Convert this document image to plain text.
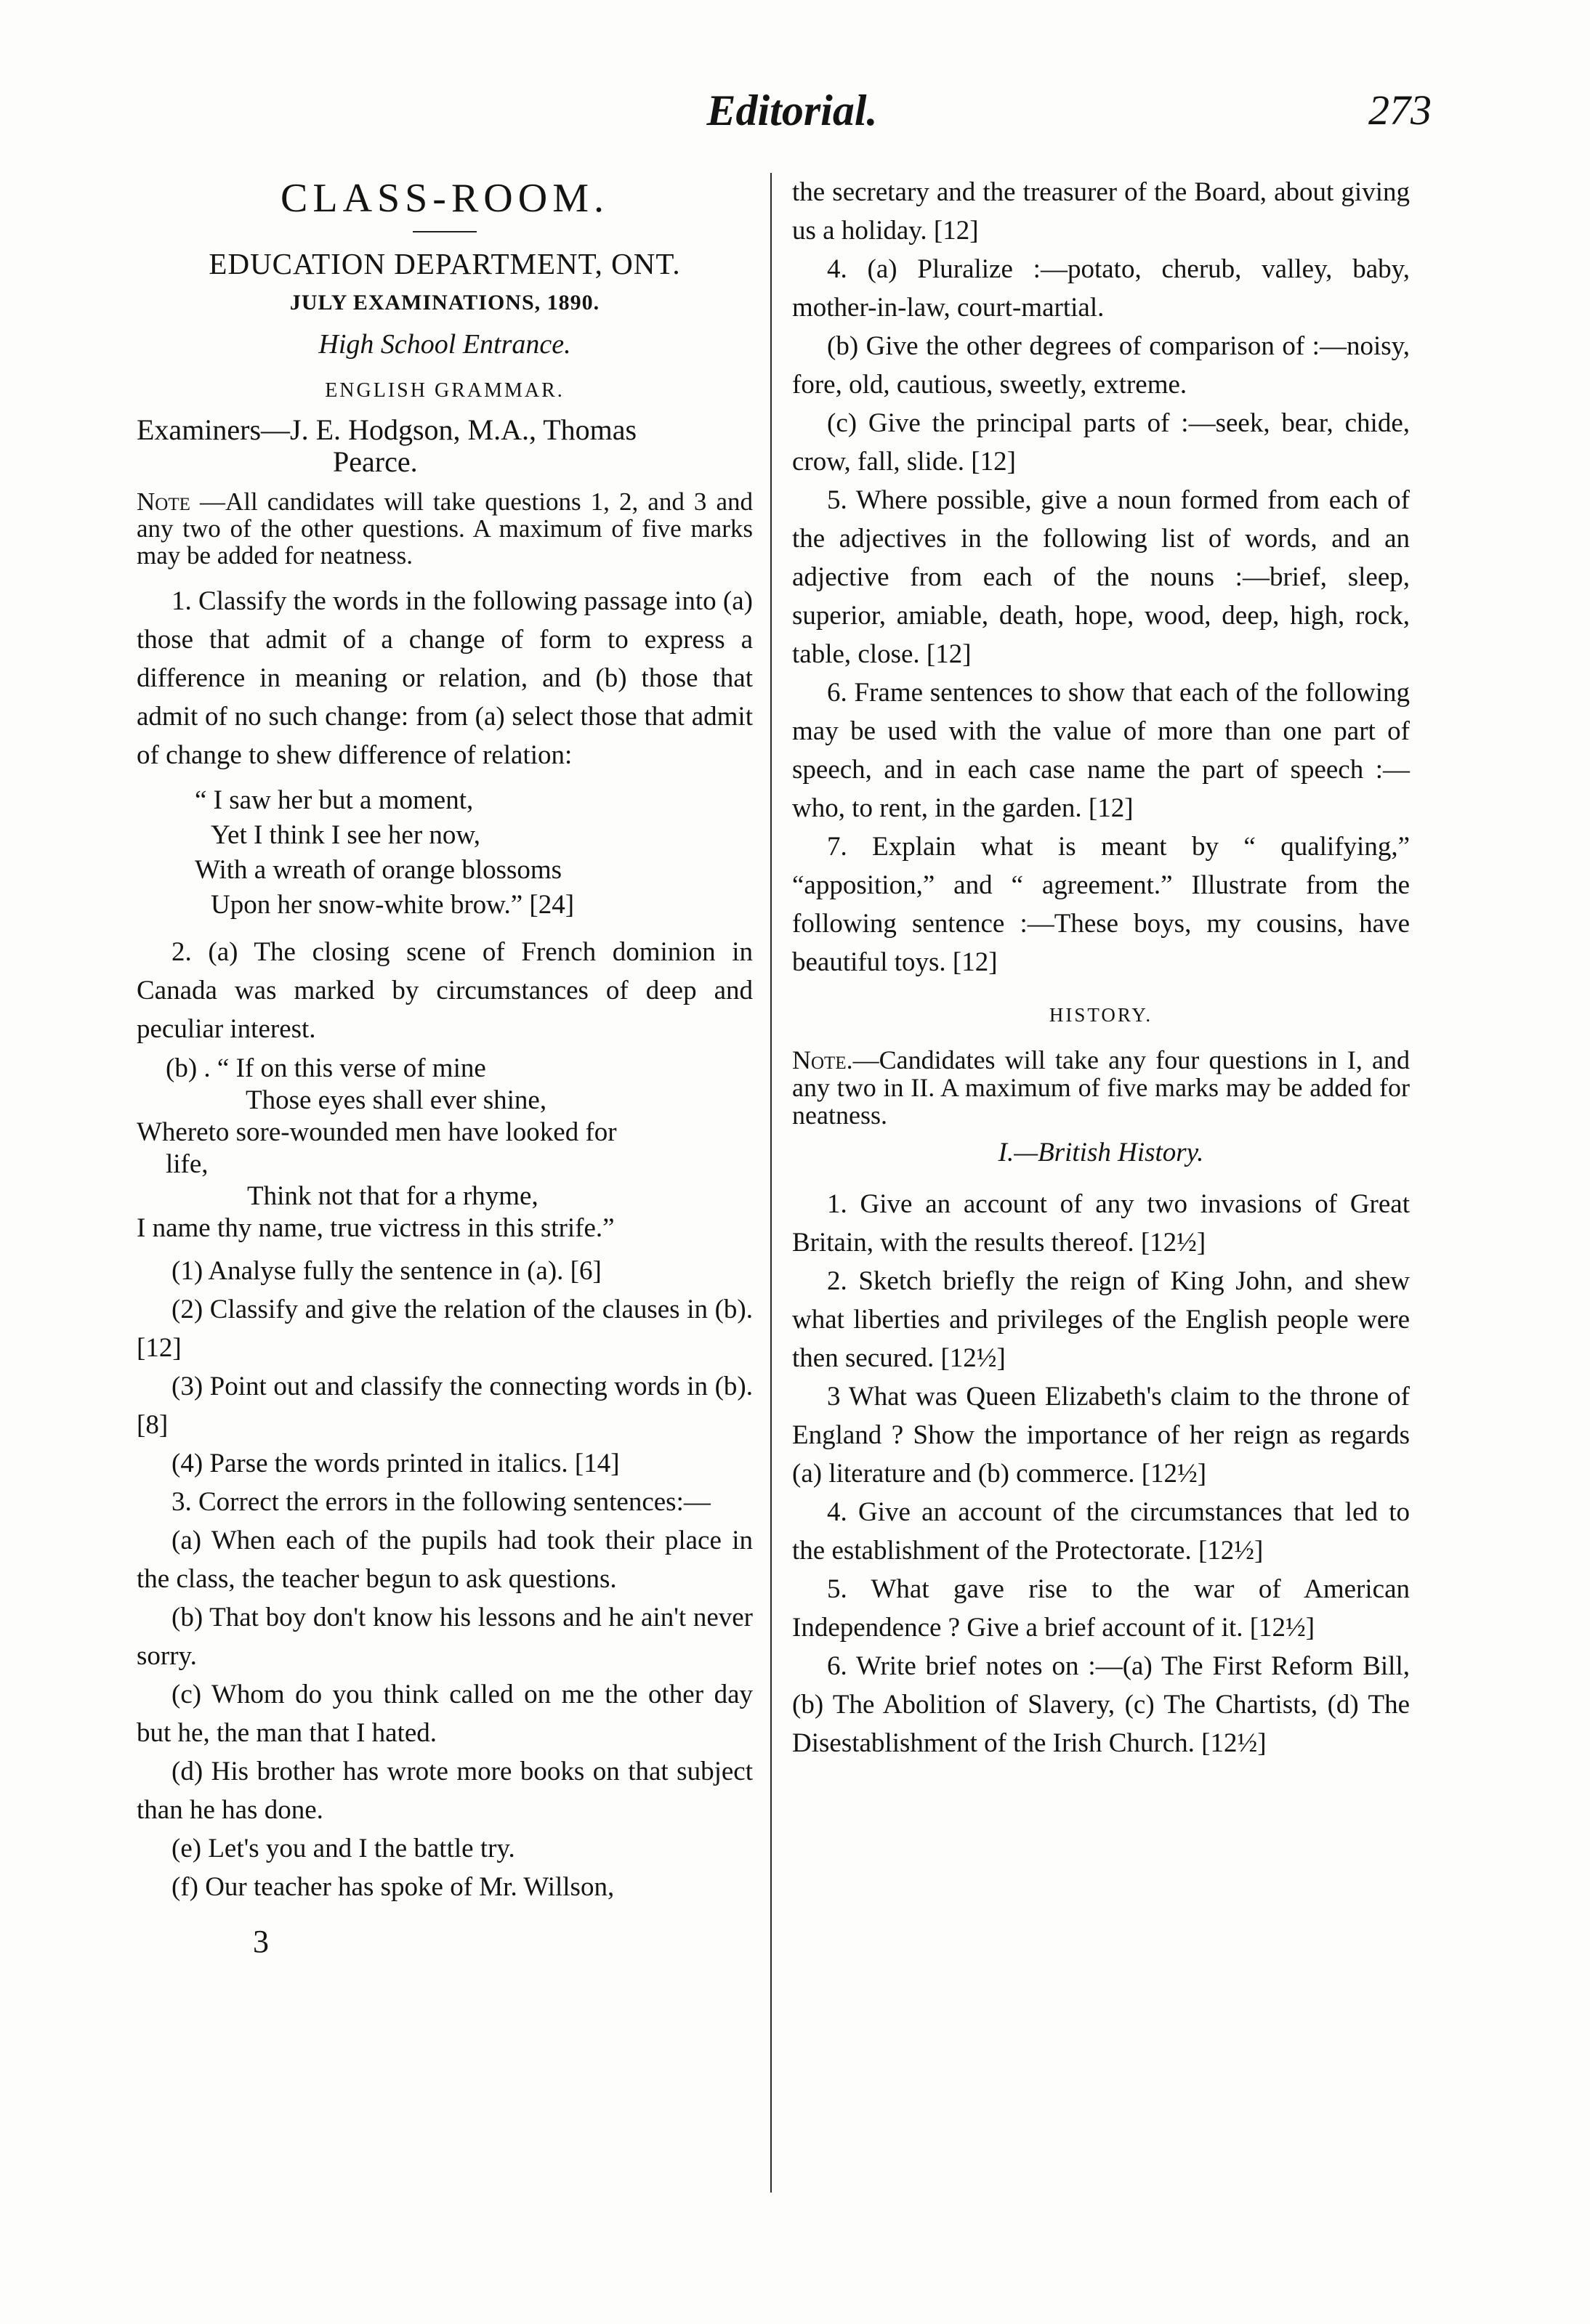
Editorial.	273
CLASS-ROOM.
EDUCATION DEPARTMENT, ONT.
JULY EXAMINATIONS, 1890.
High School Entrance.
ENGLISH GRAMMAR.
Examiners—J. E. Hodgson, M.A., Thomas
Pearce.
Note —All candidates will take questions 1, 2, and 3 and any two of the other questions. A maximum of five marks may be added for neatness.

1. Classify the words in the following passage into (a) those that admit of a change of form to express a difference in meaning or relation, and (b) those that admit of no such change: from (a) select those that admit of change to shew difference of relation:

“ I saw her but a moment,
Yet I think I see her now,
With a wreath of orange blossoms
Upon her snow-white brow.” [24]

2. (a) The closing scene of French dominion in Canada was marked by circumstances of deep and peculiar interest.

(b) . “ If on this verse of mine
Those eyes shall ever shine,
Whereto sore-wounded men have looked for
life,
Think not that for a rhyme,
I name thy name, true victress in this strife.”

(1) Analyse fully the sentence in (a). [6]

(2) Classify and give the relation of the clauses in (b). [12]

(3) Point out and classify the connecting words in (b). [8]

(4) Parse the words printed in italics. [14]

3. Correct the errors in the following sentences:—

(a) When each of the pupils had took their place in the class, the teacher begun to ask questions.

(b) That boy don't know his lessons and he ain't never sorry.

(c) Whom do you think called on me the other day but he, the man that I hated.

(d) His brother has wrote more books on that subject than he has done.

(e) Let's you and I the battle try.

(f) Our teacher has spoke of Mr. Willson,

3

the secretary and the treasurer of the Board, about giving us a holiday. [12]

4. (a) Pluralize :—potato, cherub, valley, baby, mother-in-law, court-martial.

(b) Give the other degrees of comparison of :—noisy, fore, old, cautious, sweetly, extreme.

(c) Give the principal parts of :—seek, bear, chide, crow, fall, slide. [12]

5. Where possible, give a noun formed from each of the adjectives in the following list of words, and an adjective from each of the nouns :—brief, sleep, superior, amiable, death, hope, wood, deep, high, rock, table, close. [12]

6. Frame sentences to show that each of the following may be used with the value of more than one part of speech, and in each case name the part of speech :—who, to rent, in the garden. [12]

7. Explain what is meant by “ qualifying,” “apposition,” and “ agreement.” Illustrate from the following sentence :—These boys, my cousins, have beautiful toys. [12]

HISTORY.
Note.—Candidates will take any four questions in I, and any two in II. A maximum of five marks may be added for neatness.
I.—British History.

1. Give an account of any two invasions of Great Britain, with the results thereof. [12½]

2. Sketch briefly the reign of King John, and shew what liberties and privileges of the English people were then secured. [12½]

3 What was Queen Elizabeth's claim to the throne of England ? Show the importance of her reign as regards (a) literature and (b) commerce. [12½]

4. Give an account of the circumstances that led to the establishment of the Protectorate. [12½]

5. What gave rise to the war of American Independence ? Give a brief account of it. [12½]

6. Write brief notes on :—(a) The First Reform Bill, (b) The Abolition of Slavery, (c) The Chartists, (d) The Disestablishment of the Irish Church. [12½]
